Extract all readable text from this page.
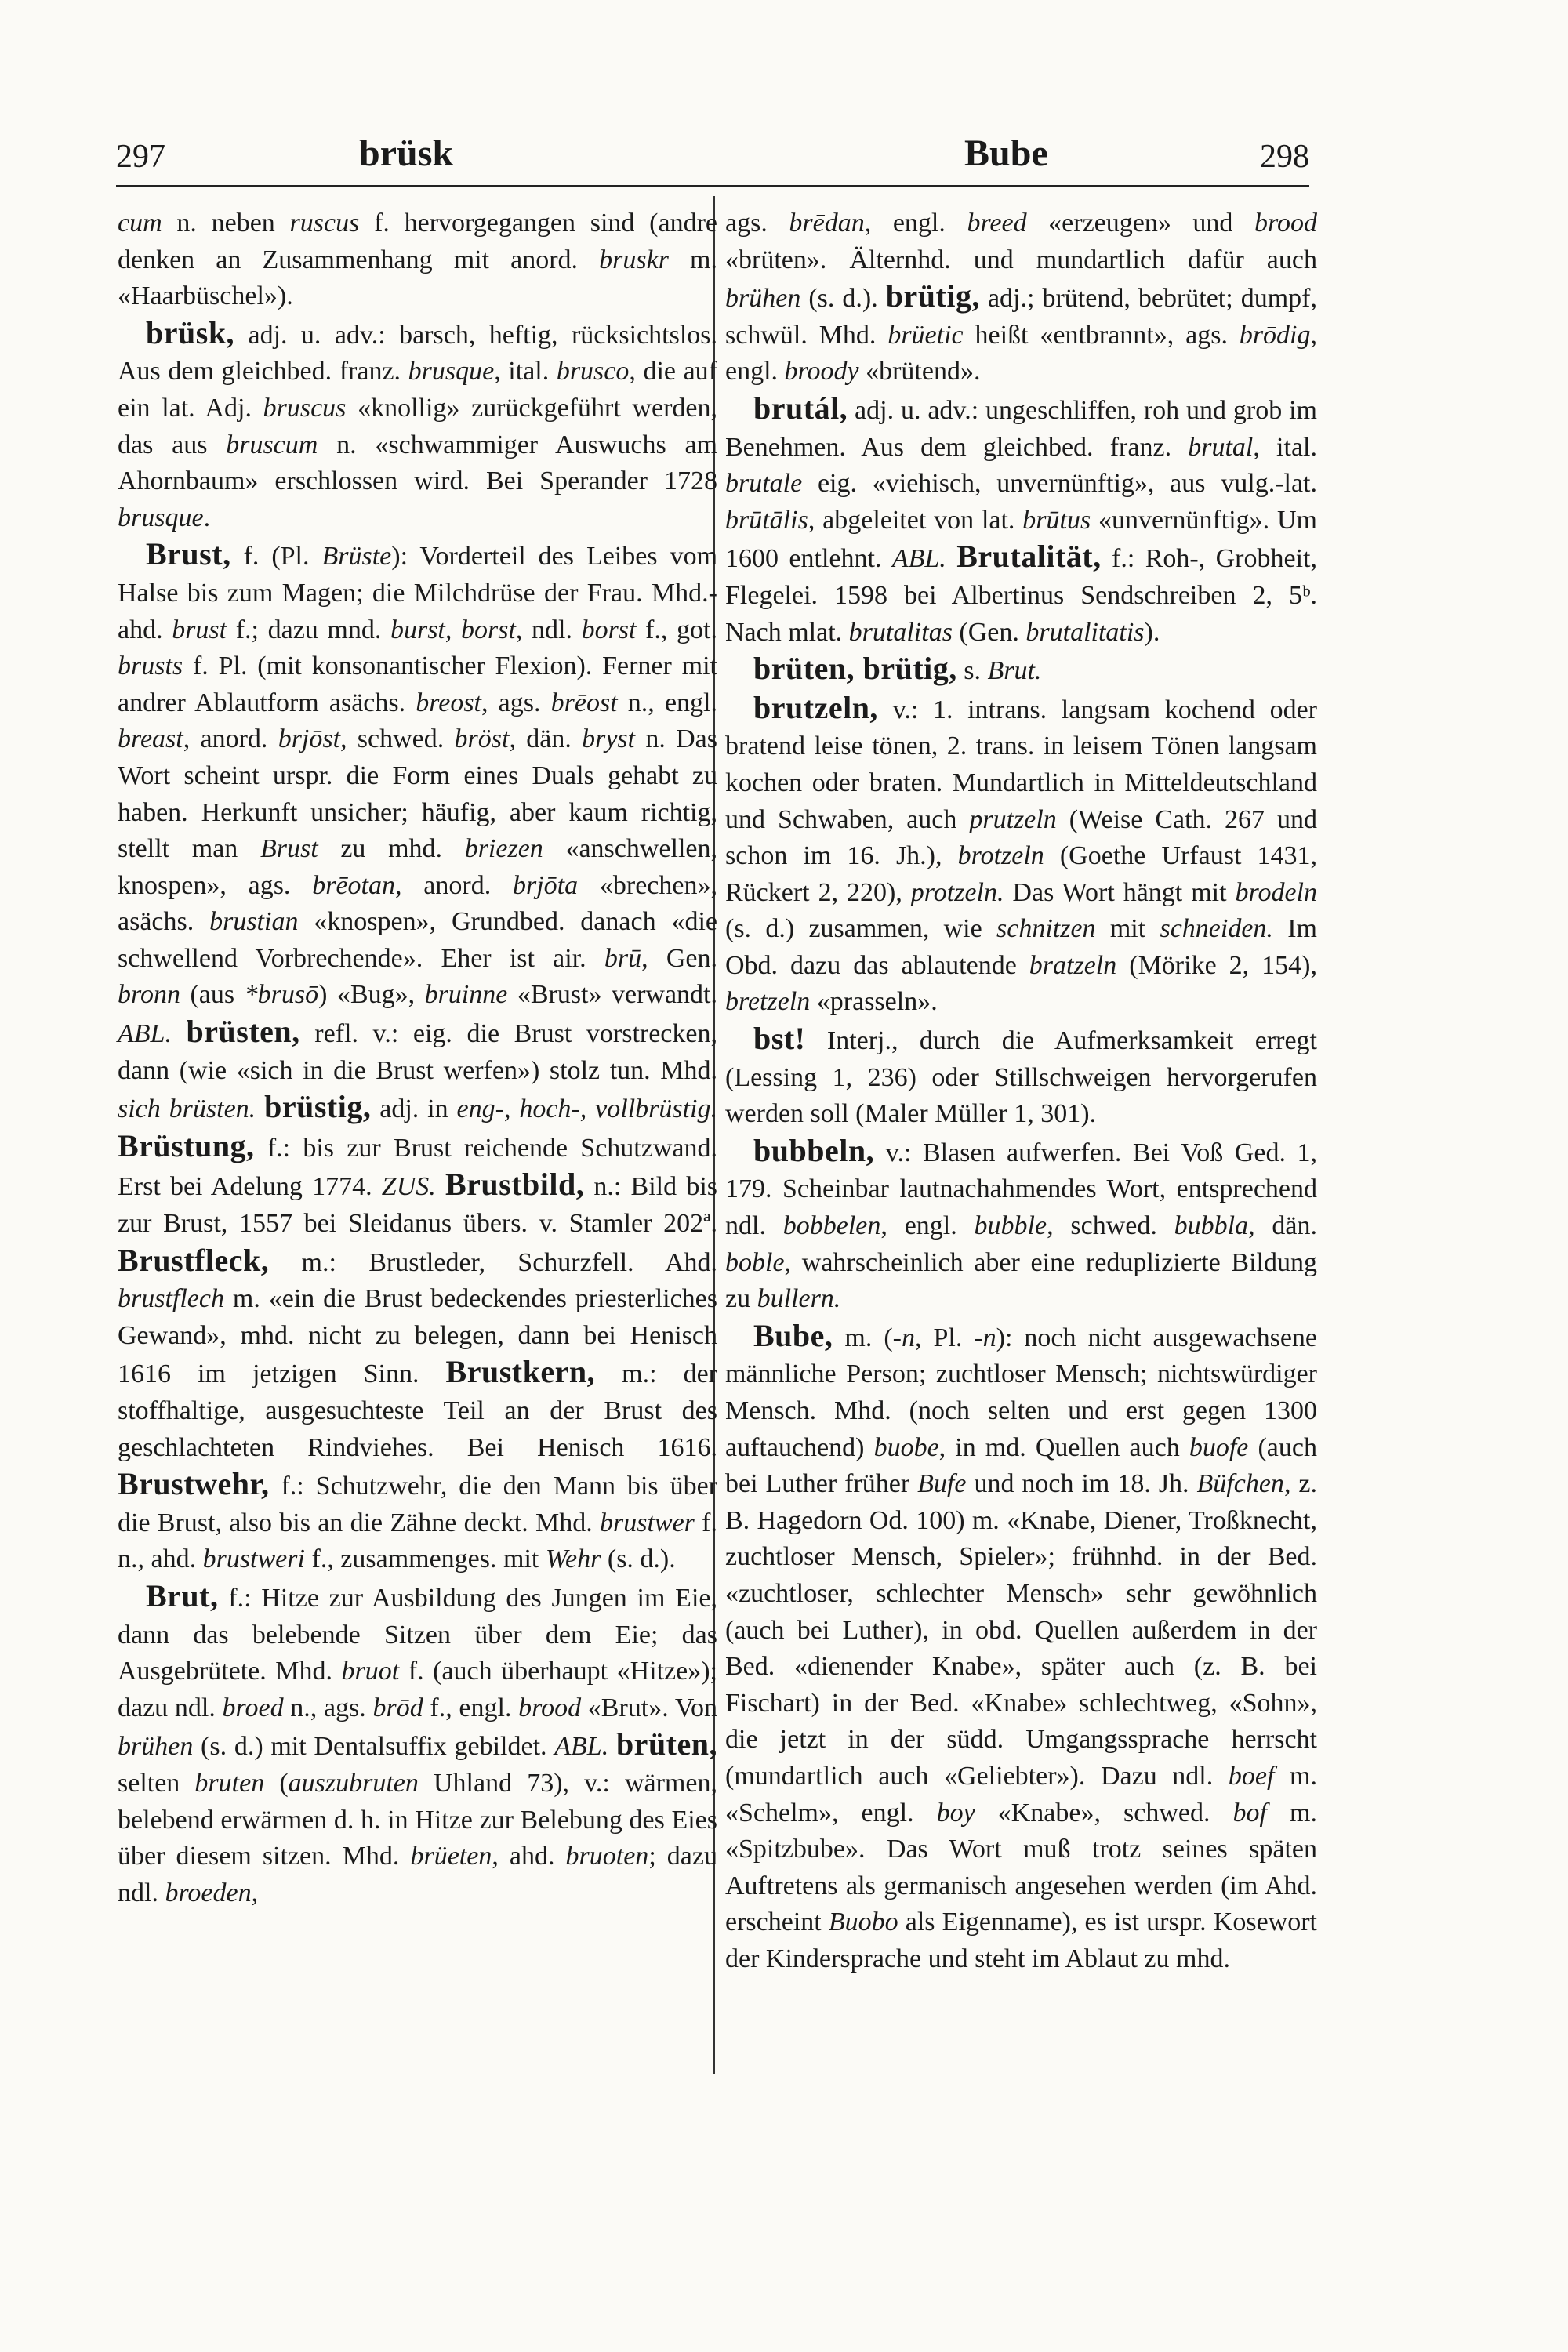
297	brüsk	Bube	298

cum n. neben ruscus f. hervorgegangen sind (andre denken an Zusammenhang mit anord. bruskr m. «Haarbüschel»).

brüsk, adj. u. adv.: barsch, heftig, rücksichtslos. Aus dem gleichbed. franz. brusque, ital. brusco, die auf ein lat. Adj. bruscus «knollig» zurückgeführt werden, das aus bruscum n. «schwammiger Auswuchs am Ahornbaum» erschlossen wird. Bei Sperander 1728 brusque.

Brust, f. (Pl. Brüste): Vorderteil des Leibes vom Halse bis zum Magen; die Milchdrüse der Frau. Mhd.-ahd. brust f.; dazu mnd. burst, borst, ndl. borst f., got. brusts f. Pl. (mit konsonantischer Flexion). Ferner mit andrer Ablautform asächs. breost, ags. brēost n., engl. breast, anord. brjōst, schwed. bröst, dän. bryst n. Das Wort scheint urspr. die Form eines Duals gehabt zu haben. Herkunft unsicher; häufig, aber kaum richtig, stellt man Brust zu mhd. briezen «anschwellen, knospen», ags. brēotan, anord. brjōta «brechen», asächs. brustian «knospen», Grundbed. danach «die schwellend Vorbrechende». Eher ist air. brū, Gen. bronn (aus *brusō) «Bug», bruinne «Brust» verwandt. ABL. brüsten, refl. v.: eig. die Brust vorstrecken, dann (wie «sich in die Brust werfen») stolz tun. Mhd. sich brüsten. brüstig, adj. in eng-, hoch-, vollbrüstig. Brüstung, f.: bis zur Brust reichende Schutzwand. Erst bei Adelung 1774. ZUS. Brustbild, n.: Bild bis zur Brust, 1557 bei Sleidanus übers. v. Stamler 202ª. Brustfleck, m.: Brustleder, Schurzfell. Ahd. brustflech m. «ein die Brust bedeckendes priesterliches Gewand», mhd. nicht zu belegen, dann bei Henisch 1616 im jetzigen Sinn. Brustkern, m.: der stoffhaltige, ausgesuchteste Teil an der Brust des geschlachteten Rindviehes. Bei Henisch 1616. Brustwehr, f.: Schutzwehr, die den Mann bis über die Brust, also bis an die Zähne deckt. Mhd. brustwer f. n., ahd. brustweri f., zusammenges. mit Wehr (s. d.).

Brut, f.: Hitze zur Ausbildung des Jungen im Eie, dann das belebende Sitzen über dem Eie; das Ausgebrütete. Mhd. bruot f. (auch überhaupt «Hitze»); dazu ndl. broed n., ags. brōd f., engl. brood «Brut». Von brühen (s. d.) mit Dentalsuffix gebildet. ABL. brüten, selten bruten (auszubruten Uhland 73), v.: wärmen, belebend erwärmen d. h. in Hitze zur Belebung des Eies über diesem sitzen. Mhd. brüeten, ahd. bruoten; dazu ndl. broeden,

ags. brēdan, engl. breed «erzeugen» und brood «brüten». Älternhd. und mundartlich dafür auch brühen (s. d.). brütig, adj.; brütend, bebrütet; dumpf, schwül. Mhd. brüetic heißt «entbrannt», ags. brōdig, engl. broody «brütend».

brutál, adj. u. adv.: ungeschliffen, roh und grob im Benehmen. Aus dem gleichbed. franz. brutal, ital. brutale eig. «viehisch, unvernünftig», aus vulg.-lat. brūtālis, abgeleitet von lat. brūtus «unvernünftig». Um 1600 entlehnt. ABL. Brutalität, f.: Roh-, Grobheit, Flegelei. 1598 bei Albertinus Sendschreiben 2, 5ᵇ. Nach mlat. brutalitas (Gen. brutalitatis).

brüten, brütig, s. Brut.

brutzeln, v.: 1. intrans. langsam kochend oder bratend leise tönen, 2. trans. in leisem Tönen langsam kochen oder braten. Mundartlich in Mitteldeutschland und Schwaben, auch prutzeln (Weise Cath. 267 und schon im 16. Jh.), brotzeln (Goethe Urfaust 1431, Rückert 2, 220), protzeln. Das Wort hängt mit brodeln (s. d.) zusammen, wie schnitzen mit schneiden. Im Obd. dazu das ablautende bratzeln (Mörike 2, 154), bretzeln «prasseln».

bst! Interj., durch die Aufmerksamkeit erregt (Lessing 1, 236) oder Stillschweigen hervorgerufen werden soll (Maler Müller 1, 301).

bubbeln, v.: Blasen aufwerfen. Bei Voß Ged. 1, 179. Scheinbar lautnachahmendes Wort, entsprechend ndl. bobbelen, engl. bubble, schwed. bubbla, dän. boble, wahrscheinlich aber eine reduplizierte Bildung zu bullern.

Bube, m. (-n, Pl. -n): noch nicht ausgewachsene männliche Person; zuchtloser Mensch; nichtswürdiger Mensch. Mhd. (noch selten und erst gegen 1300 auftauchend) buobe, in md. Quellen auch buofe (auch bei Luther früher Bufe und noch im 18. Jh. Büfchen, z. B. Hagedorn Od. 100) m. «Knabe, Diener, Troßknecht, zuchtloser Mensch, Spieler»; frühnhd. in der Bed. «zuchtloser, schlechter Mensch» sehr gewöhnlich (auch bei Luther), in obd. Quellen außerdem in der Bed. «dienender Knabe», später auch (z. B. bei Fischart) in der Bed. «Knabe» schlechtweg, «Sohn», die jetzt in der südd. Umgangssprache herrscht (mundartlich auch «Geliebter»). Dazu ndl. boef m. «Schelm», engl. boy «Knabe», schwed. bof m. «Spitzbube». Das Wort muß trotz seines späten Auftretens als germanisch angesehen werden (im Ahd. erscheint Buobo als Eigenname), es ist urspr. Kosewort der Kindersprache und steht im Ablaut zu mhd.
